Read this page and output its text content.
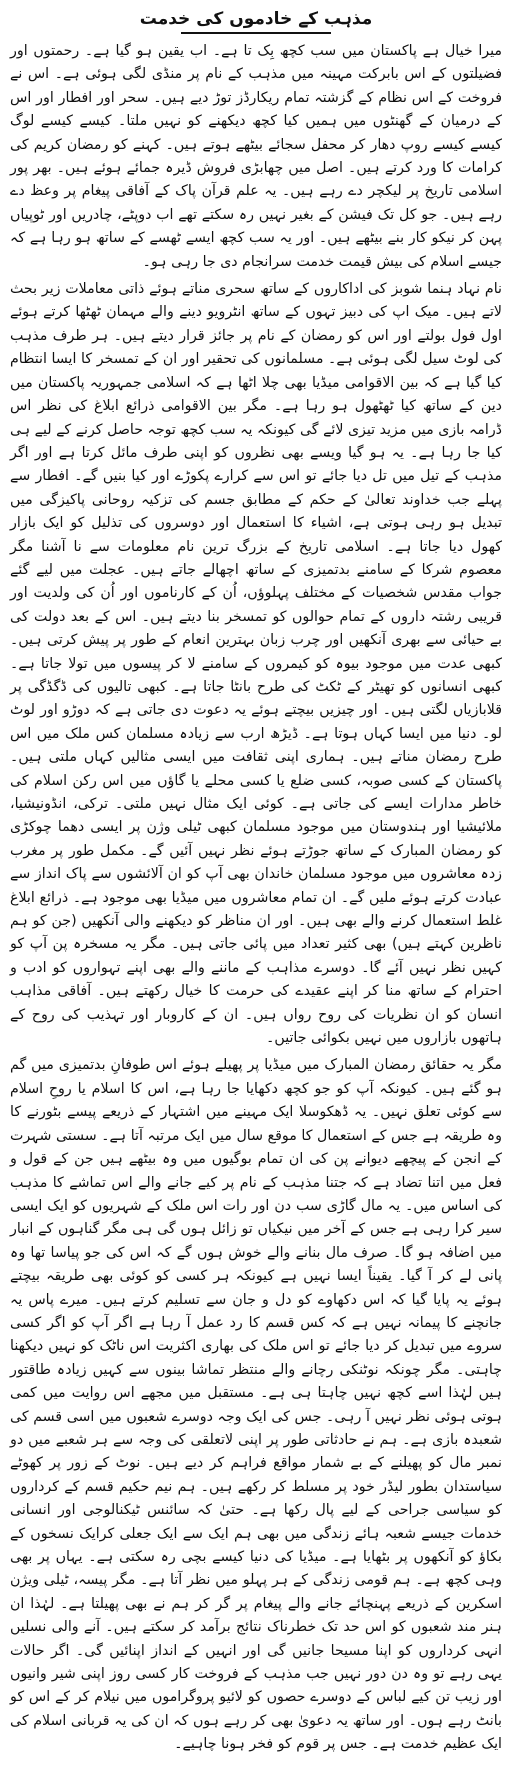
مذہب کے خادموں کی خدمت

میرا خیال ہے پاکستان میں سب کچھ بِک تا ہے۔ اب یقین ہو گیا ہے۔ رحمتوں اور فضیلتوں کے اس بابرکت مہینہ میں مذہب کے نام پر منڈی لگی ہوئی ہے۔ اس نے فروخت کے اس نظام کے گزشتہ تمام ریکارڈز توڑ دیے ہیں۔ سحر اور افطار اور اس کے درمیان کے گھنٹوں میں ہمیں کیا کچھ دیکھنے کو نہیں ملتا۔ کیسے کیسے لوگ کیسے کیسے روپ دھار کر محفل سجائے بیٹھے ہوتے ہیں۔ کہنے کو رمضان کریم کی کرامات کا ورد کرتے ہیں۔ اصل میں چھابڑی فروش ڈیرہ جمائے ہوئے ہیں۔ بھر پور اسلامی تاریخ پر لیکچر دے رہے ہیں۔ یہ علم قرآن پاک کے آفاقی پیغام پر وعظ دے رہے ہیں۔ جو کل تک فیشن کے بغیر نہیں رہ سکتے تھے اب دوپٹے، چادریں اور ٹوپیاں پہن کر نیکو کار بنے بیٹھے ہیں۔ اور یہ سب کچھ ایسے ٹھسے کے ساتھ ہو رہا ہے کہ جیسے اسلام کی بیش قیمت خدمت سرانجام دی جا رہی ہو۔

نام نہاد ہنما شوبز کی اداکاروں کے ساتھ سحری مناتے ہوئے ذاتی معاملات زیر بحث لاتے ہیں۔ میک اپ کی دبیز تہوں کے ساتھ انٹرویو دینے والے مہمان ٹھٹھا کرتے ہوئے اول فول بولتے اور اس کو رمضان کے نام پر جائز قرار دیتے ہیں۔ ہر طرف مذہب کی لوٹ سیل لگی ہوئی ہے۔ مسلمانوں کی تحقیر اور ان کے تمسخر کا ایسا انتظام کیا گیا ہے کہ بین الاقوامی میڈیا بھی چلا اٹھا ہے کہ اسلامی جمہوریہ پاکستان میں دین کے ساتھ کیا ٹھٹھول ہو رہا ہے۔ مگر بین الاقوامی ذرائع ابلاغ کی نظر اس ڈرامہ بازی میں مزید تیزی لائے گی کیونکہ یہ سب کچھ توجہ حاصل کرنے کے لیے ہی کیا جا رہا ہے۔ یہ ہو گیا ویسے بھی نظروں کو اپنی طرف مائل کرتا ہے اور اگر مذہب کے تیل میں تل دیا جائے تو اس سے کرارے پکوڑے اور کیا بنیں گے۔ افطار سے پہلے جب خداوند تعالیٰ کے حکم کے مطابق جسم کی تزکیہ روحانی پاکیزگی میں تبدیل ہو رہی ہوتی ہے، اشیاء کا استعمال اور دوسروں کی تذلیل کو ایک بازار کھول دیا جاتا ہے۔ اسلامی تاریخ کے بزرگ ترین نام معلومات سے نا آشنا مگر معصوم شرکا کے سامنے بدتمیزی کے ساتھ اچھالے جاتے ہیں۔ عجلت میں لیے گئے جواب مقدس شخصیات کے مختلف پہلوؤں، اُن کے کارناموں اور اُن کی ولدیت اور قریبی رشتہ داروں کے تمام حوالوں کو تمسخر بنا دیتے ہیں۔ اس کے بعد دولت کی بے حیائی سے بھری آنکھیں اور چرب زبان بہترین انعام کے طور پر پیش کرتی ہیں۔ کبھی عدت میں موجود بیوہ کو کیمروں کے سامنے لا کر پیسوں میں تولا جاتا ہے۔ کبھی انسانوں کو تھیٹر کے ٹکٹ کی طرح بانٹا جاتا ہے۔ کبھی تالیوں کی ڈگڈگی پر قلابازیاں لگتی ہیں۔ اور چیزیں بیچتے ہوئے یہ دعوت دی جاتی ہے کہ دوڑو اور لوٹ لو۔ دنیا میں ایسا کہاں ہوتا ہے۔ ڈیڑھ ارب سے زیادہ مسلمان کس ملک میں اس طرح رمضان مناتے ہیں۔ ہماری اپنی ثقافت میں ایسی مثالیں کہاں ملتی ہیں۔ پاکستان کے کسی صوبہ، کسی ضلع یا کسی محلے یا گاؤں میں اس رکن اسلام کی خاطر مدارات ایسے کی جاتی ہے۔ کوئی ایک مثال نہیں ملتی۔ ترکی، انڈونیشیا، ملائیشیا اور ہندوستان میں موجود مسلمان کبھی ٹیلی وژن پر ایسی دھما چوکڑی کو رمضان المبارک کے ساتھ جوڑتے ہوئے نظر نہیں آئیں گے۔ مکمل طور پر مغرب زدہ معاشروں میں موجود مسلمان خاندان بھی آپ کو ان آلائشوں سے پاک انداز سے عبادت کرتے ہوئے ملیں گے۔ ان تمام معاشروں میں میڈیا بھی موجود ہے۔ ذرائع ابلاغ غلط استعمال کرنے والے بھی ہیں۔ اور ان مناظر کو دیکھنے والی آنکھیں (جن کو ہم ناظرین کہتے ہیں) بھی کثیر تعداد میں پائی جاتی ہیں۔ مگر یہ مسخرہ پن آپ کو کہیں نظر نہیں آئے گا۔ دوسرے مذاہب کے ماننے والے بھی اپنے تہواروں کو ادب و احترام کے ساتھ منا کر اپنے عقیدے کی حرمت کا خیال رکھتے ہیں۔ آفاقی مذاہب انسان کو ان نظریات کی روح رواں ہیں۔ ان کے کاروبار اور تہذیب کی روح کے ہاتھوں بازاروں میں نہیں بکوائی جاتیں۔

مگر یہ حقائق رمضان المبارک میں میڈیا پر پھیلے ہوئے اس طوفانِ بدتمیزی میں گم ہو گئے ہیں۔ کیونکہ آپ کو جو کچھ دکھایا جا رہا ہے، اس کا اسلام یا روحِ اسلام سے کوئی تعلق نہیں۔ یہ ڈھکوسلا ایک مہینے میں اشتہار کے ذریعے پیسے بٹورنے کا وہ طریقہ ہے جس کے استعمال کا موقع سال میں ایک مرتبہ آتا ہے۔ سستی شہرت کے انجن کے پیچھے دیوانے پن کی ان تمام بوگیوں میں وہ بیٹھے ہیں جن کے قول و فعل میں اتنا تضاد ہے کہ جتنا مذہب کے نام پر کیے جانے والے اس تماشے کا مذہب کی اساس میں۔ یہ مال گاڑی سب دن اور رات اس ملک کے شہریوں کو ایک ایسی سیر کرا رہی ہے جس کے آخر میں نیکیاں تو زائل ہوں گی ہی مگر گناہوں کے انبار میں اضافہ ہو گا۔ صرف مال بنانے والے خوش ہوں گے کہ اس کی جو پیاسا تھا وہ پانی لے کر آ گیا۔ یقیناً ایسا نہیں ہے کیونکہ ہر کسی کو کوئی بھی طریقہ بیچتے ہوئے یہ پایا گیا کہ اس دکھاوے کو دل و جان سے تسلیم کرتے ہیں۔ میرے پاس یہ جانچنے کا پیمانہ نہیں ہے کہ کس قسم کا رد عمل آ رہا ہے اگر آپ کو اگر کسی سروے میں تبدیل کر دیا جائے تو اس ملک کی بھاری اکثریت اس ناٹک کو نہیں دیکھنا چاہتی۔ مگر چونکہ نوٹنکی رچانے والے منتظر تماشا بینوں سے کہیں زیادہ طاقتور ہیں لہٰذا اسے کچھ نہیں چاہتا ہی ہے۔ مستقبل میں مجھے اس روایت میں کمی ہوتی ہوئی نظر نہیں آ رہی۔ جس کی ایک وجہ دوسرے شعبوں میں اسی قسم کی شعبدہ بازی ہے۔ ہم نے حادثاتی طور پر اپنی لاتعلقی کی وجہ سے ہر شعبے میں دو نمبر مال کو پھیلنے کے بے شمار مواقع فراہم کر دیے ہیں۔ نوٹ کے زور پر کھوٹے سیاستدان بطور لیڈر خود پر مسلط کر رکھے ہیں۔ ہم نیم حکیم قسم کے کرداروں کو سیاسی جراحی کے لیے پال رکھا ہے۔ حتیٰ کہ سائنس ٹیکنالوجی اور انسانی خدمات جیسے شعبہ ہائے زندگی میں بھی ہم ایک سے ایک جعلی کرایک نسخوں کے بکاؤ کو آنکھوں پر بٹھایا ہے۔ میڈیا کی دنیا کیسے بچی رہ سکتی ہے۔ یہاں پر بھی وہی کچھ ہے۔ ہم قومی زندگی کے ہر پہلو میں نظر آتا ہے۔ مگر پیسہ، ٹیلی ویژن اسکرین کے ذریعے پہنچائے جانے والے پیغام پر گر کر ہم نے بھی پھیلتا ہے۔ لہٰذا ان ہنر مند شعبوں کو اس حد تک خطرناک نتائج برآمد کر سکتے ہیں۔ آنے والی نسلیں انہی کرداروں کو اپنا مسیحا جانیں گی اور انہیں کے انداز اپنائیں گی۔ اگر حالات یہی رہے تو وہ دن دور نہیں جب مذہب کے فروخت کار کسی روز اپنی شیر وانیوں اور زیب تن کیے لباس کے دوسرے حصوں کو لائیو پروگراموں میں نیلام کر کے اس کو بانٹ رہے ہوں۔ اور ساتھ یہ دعویٰ بھی کر رہے ہوں کہ ان کی یہ قربانی اسلام کی ایک عظیم خدمت ہے۔ جس پر قوم کو فخر ہونا چاہیے۔
